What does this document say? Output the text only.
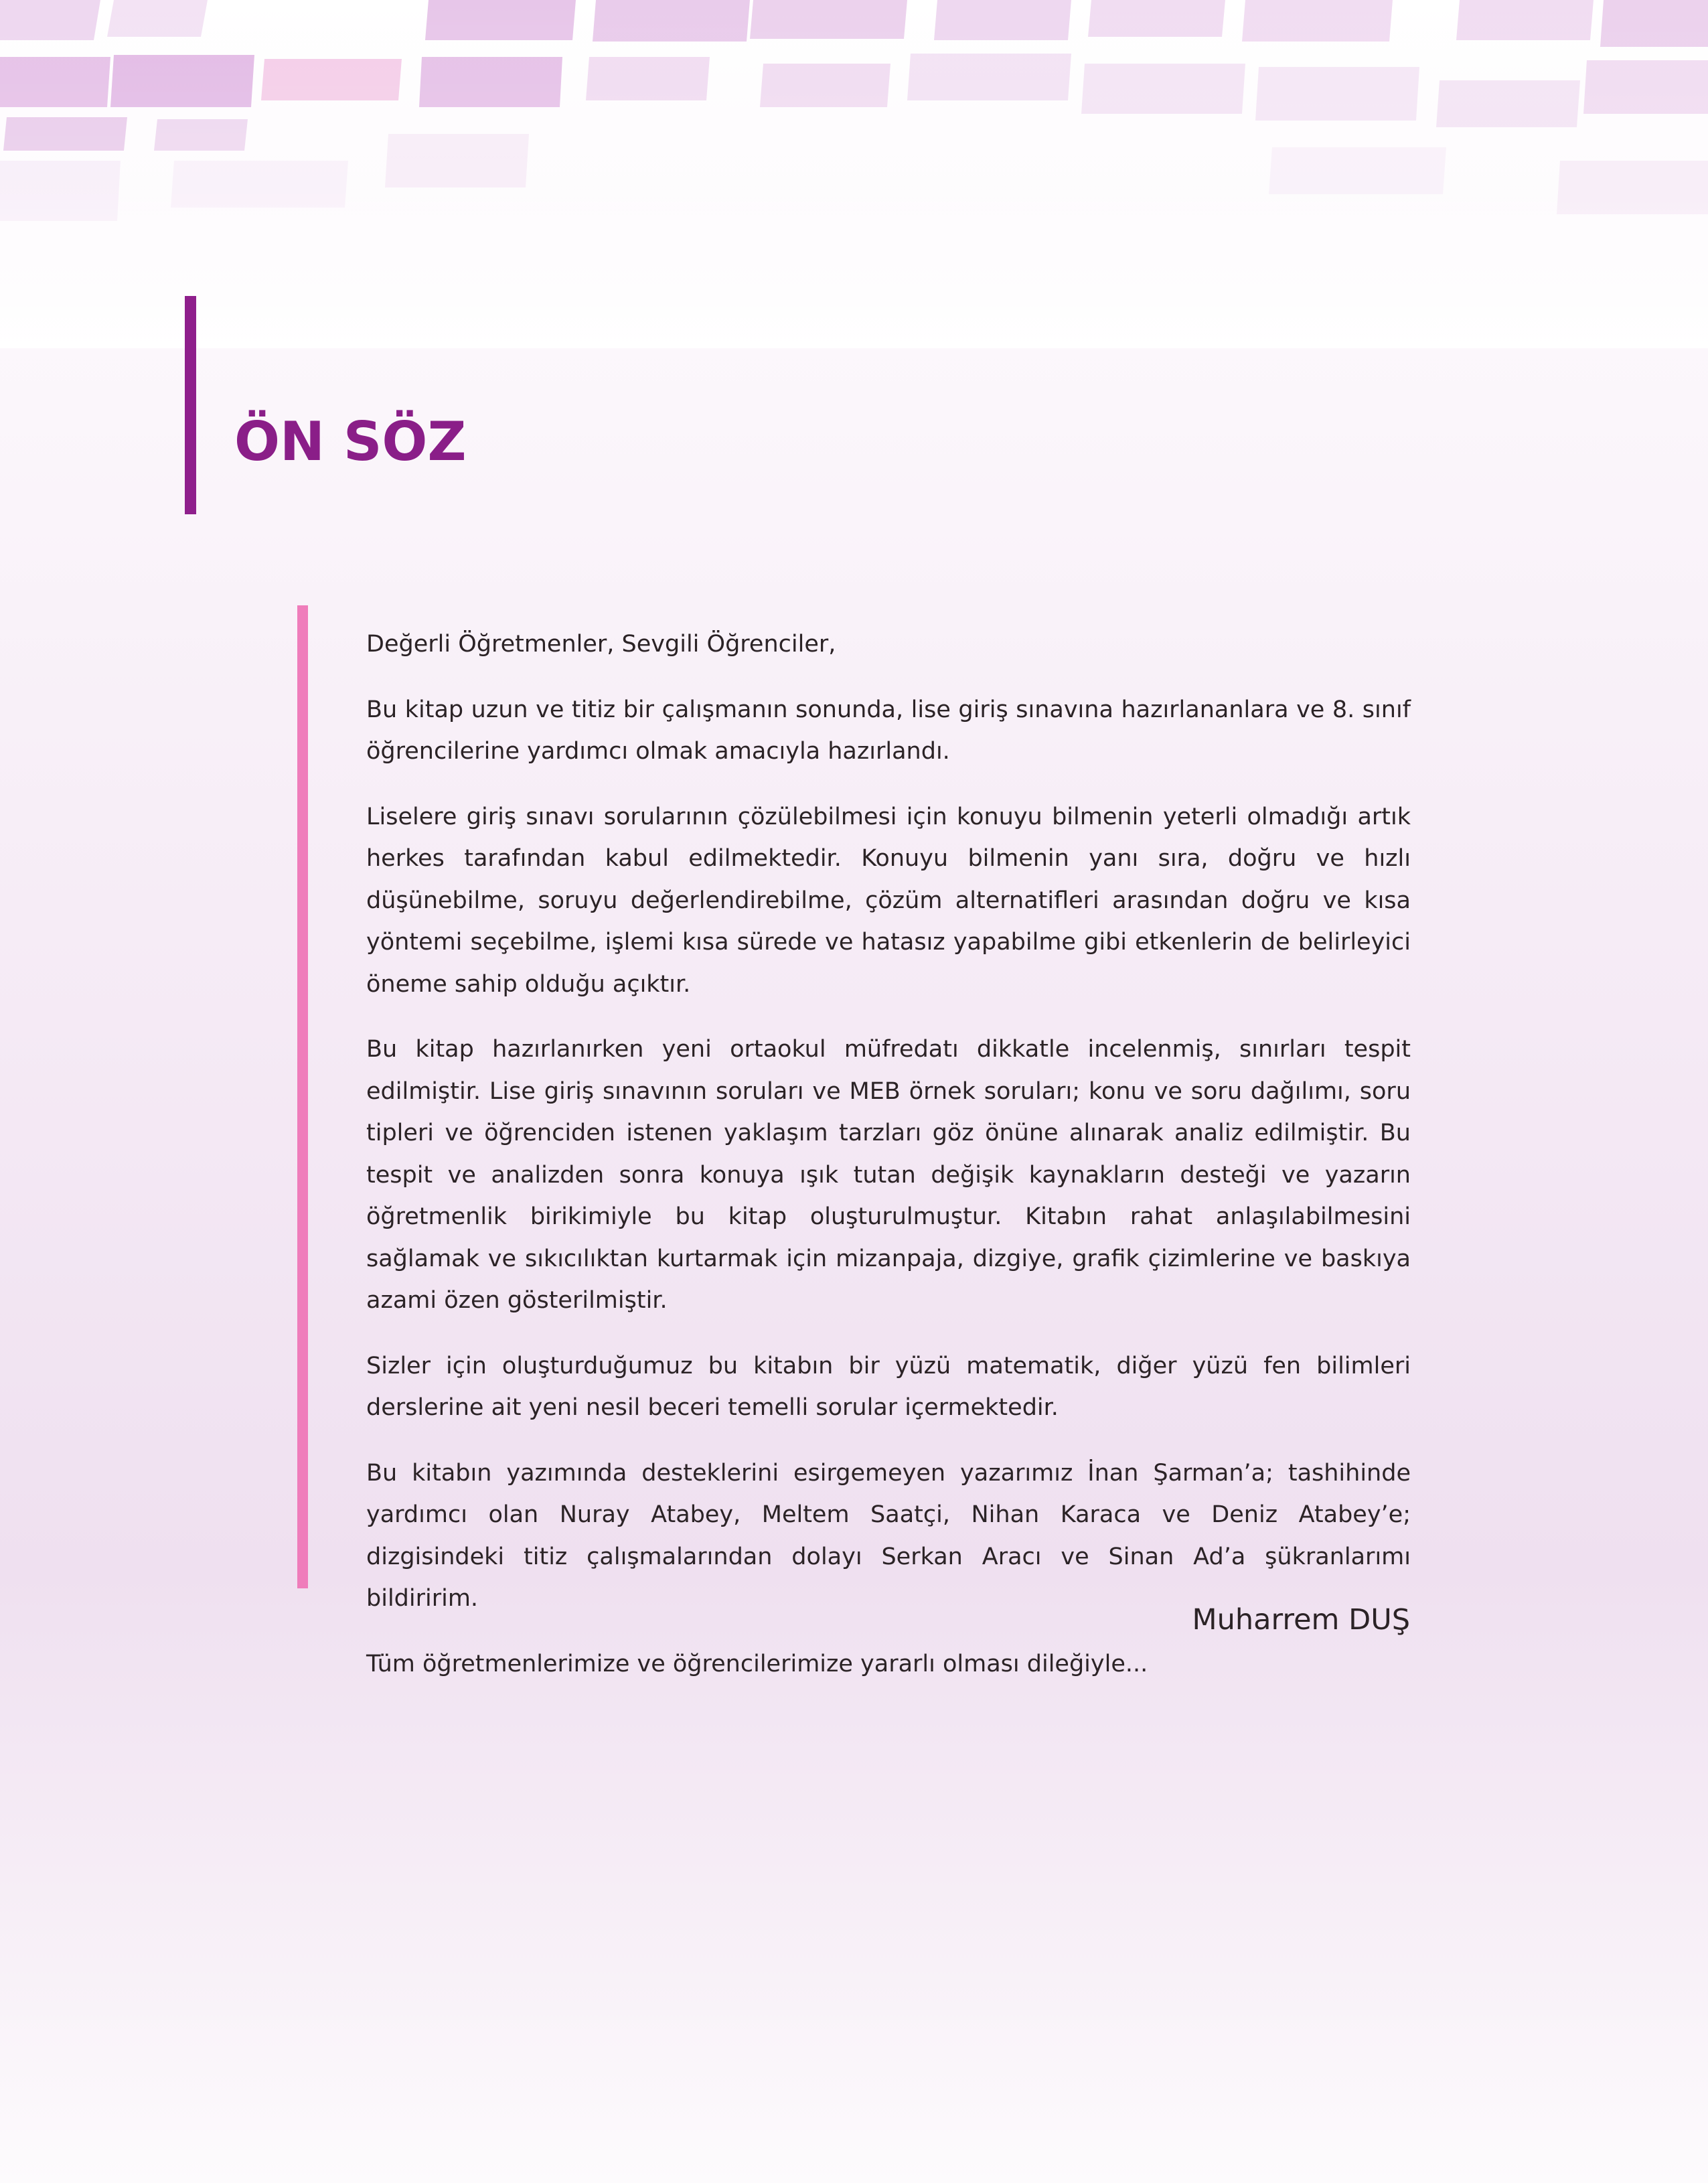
ÖN SÖZ

Değerli Öğretmenler, Sevgili Öğrenciler,

Bu kitap uzun ve titiz bir çalışmanın sonunda, lise giriş sınavına hazırlananlara ve 8. sınıf öğrencilerine yardımcı olmak amacıyla hazırlandı.

Liselere giriş sınavı sorularının çözülebilmesi için konuyu bilmenin yeterli olmadığı artık herkes tarafından kabul edilmektedir. Konuyu bilmenin yanı sıra, doğru ve hızlı düşünebilme, soruyu değerlendirebilme, çözüm alternatifleri arasından doğru ve kısa yöntemi seçebilme, işlemi kısa sürede ve hatasız yapabilme gibi etkenlerin de belirleyici öneme sahip olduğu açıktır.

Bu kitap hazırlanırken yeni ortaokul müfredatı dikkatle incelenmiş, sınırları tespit edilmiştir. Lise giriş sınavının soruları ve MEB örnek soruları; konu ve soru dağılımı, soru tipleri ve öğrenciden istenen yaklaşım tarzları göz önüne alınarak analiz edilmiştir. Bu tespit ve analizden sonra konuya ışık tutan değişik kaynakların desteği ve yazarın öğretmenlik birikimiyle bu kitap oluşturulmuştur. Kitabın rahat anlaşılabilmesini sağlamak ve sıkıcılıktan kurtarmak için mizanpaja, dizgiye, grafik çizimlerine ve baskıya azami özen gösterilmiştir.

Sizler için oluşturduğumuz bu kitabın bir yüzü matematik, diğer yüzü fen bilimleri derslerine ait yeni nesil beceri temelli sorular içermektedir.

Bu kitabın yazımında desteklerini esirgemeyen yazarımız İnan Şarman’a; tashihinde yardımcı olan Nuray Atabey, Meltem Saatçi, Nihan Karaca ve Deniz Atabey’e; dizgisindeki titiz çalışmalarından dolayı Serkan Aracı ve Sinan Ad’a şükranlarımı bildiririm.

Tüm öğretmenlerimize ve öğrencilerimize yararlı olması dileğiyle...

Muharrem DUŞ
